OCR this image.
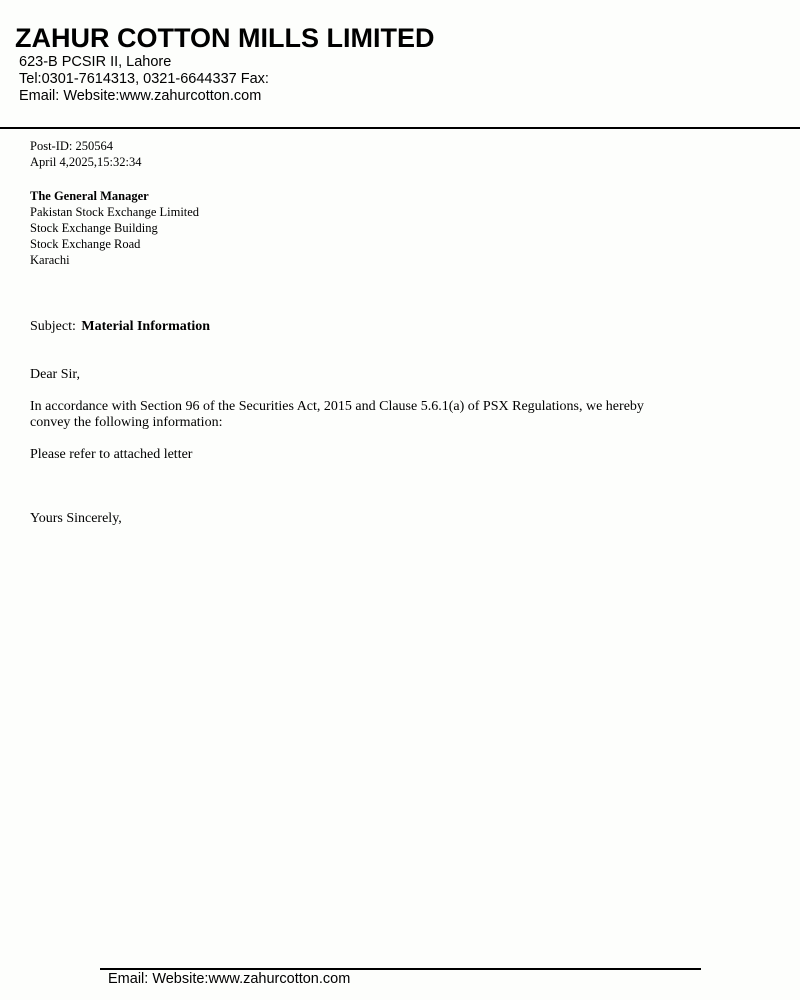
ZAHUR COTTON MILLS LIMITED
623-B PCSIR II, Lahore
Tel:0301-7614313, 0321-6644337 Fax:
Email: Website:www.zahurcotton.com
Post-ID: 250564
April 4,2025,15:32:34
The General Manager
Pakistan Stock Exchange Limited
Stock Exchange Building
Stock Exchange Road
Karachi
Subject: Material Information
Dear Sir,
In accordance with Section 96 of the Securities Act, 2015 and Clause 5.6.1(a) of PSX Regulations, we hereby convey the following information:
Please refer to attached letter
Yours Sincerely,
Email: Website:www.zahurcotton.com
